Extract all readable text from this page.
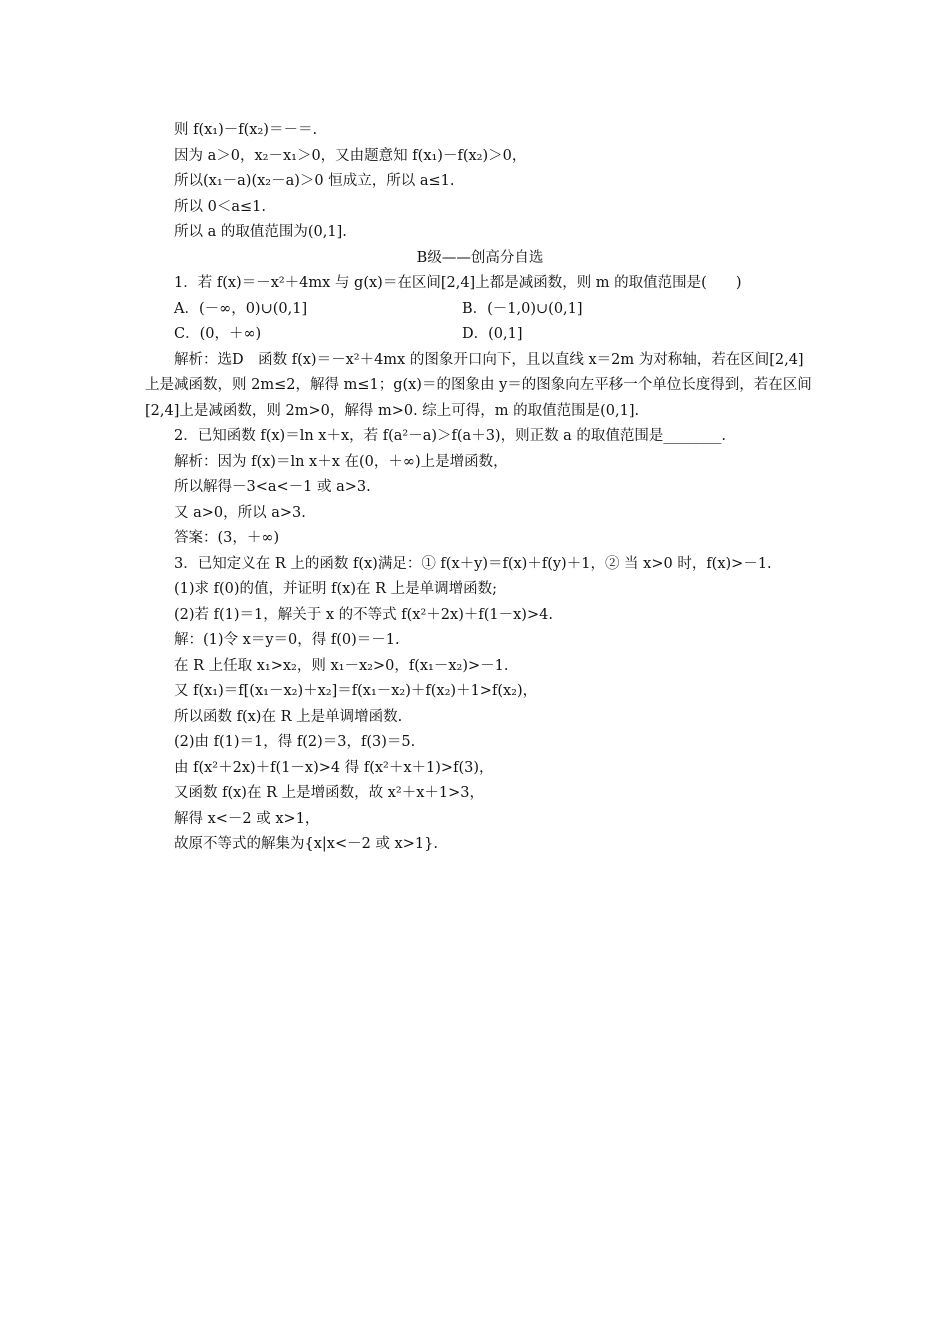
则 f(x₁)－f(x₂)＝－＝.
因为 a＞0，x₂－x₁＞0，又由题意知 f(x₁)－f(x₂)＞0，
所以(x₁－a)(x₂－a)＞0 恒成立，所以 a≤1.
所以 0＜a≤1.
所以 a 的取值范围为(0,1].
B级——创高分自选
1．若 f(x)＝－x²＋4mx 与 g(x)＝在区间[2,4]上都是减函数，则 m 的取值范围是(　　)
A．(－∞，0)∪(0,1]	B．(－1,0)∪(0,1]
C．(0，＋∞)	D．(0,1]
解析：选D　函数 f(x)＝－x²＋4mx 的图象开口向下，且以直线 x＝2m 为对称轴，若在区间[2,4]上是减函数，则 2m≤2，解得 m≤1；g(x)＝的图象由 y＝的图象向左平移一个单位长度得到，若在区间[2,4]上是减函数，则 2m>0，解得 m>0. 综上可得，m 的取值范围是(0,1].
2．已知函数 f(x)＝ln x＋x，若 f(a²－a)＞f(a＋3)，则正数 a 的取值范围是________.
解析：因为 f(x)＝ln x＋x 在(0，＋∞)上是增函数，
所以解得－3<a<－1 或 a>3.
又 a>0，所以 a>3.
答案：(3，＋∞)
3．已知定义在 R 上的函数 f(x)满足：① f(x＋y)＝f(x)＋f(y)＋1，② 当 x>0 时，f(x)>－1.
(1)求 f(0)的值，并证明 f(x)在 R 上是单调增函数;
(2)若 f(1)＝1，解关于 x 的不等式 f(x²＋2x)＋f(1－x)>4.
解：(1)令 x＝y＝0，得 f(0)＝－1.
在 R 上任取 x₁>x₂，则 x₁－x₂>0，f(x₁－x₂)>－1.
又 f(x₁)＝f[(x₁－x₂)＋x₂]＝f(x₁－x₂)＋f(x₂)＋1>f(x₂)，
所以函数 f(x)在 R 上是单调增函数.
(2)由 f(1)＝1，得 f(2)＝3，f(3)＝5.
由 f(x²＋2x)＋f(1－x)>4 得 f(x²＋x＋1)>f(3)，
又函数 f(x)在 R 上是增函数，故 x²＋x＋1>3，
解得 x<－2 或 x>1，
故原不等式的解集为{x|x<－2 或 x>1}.
